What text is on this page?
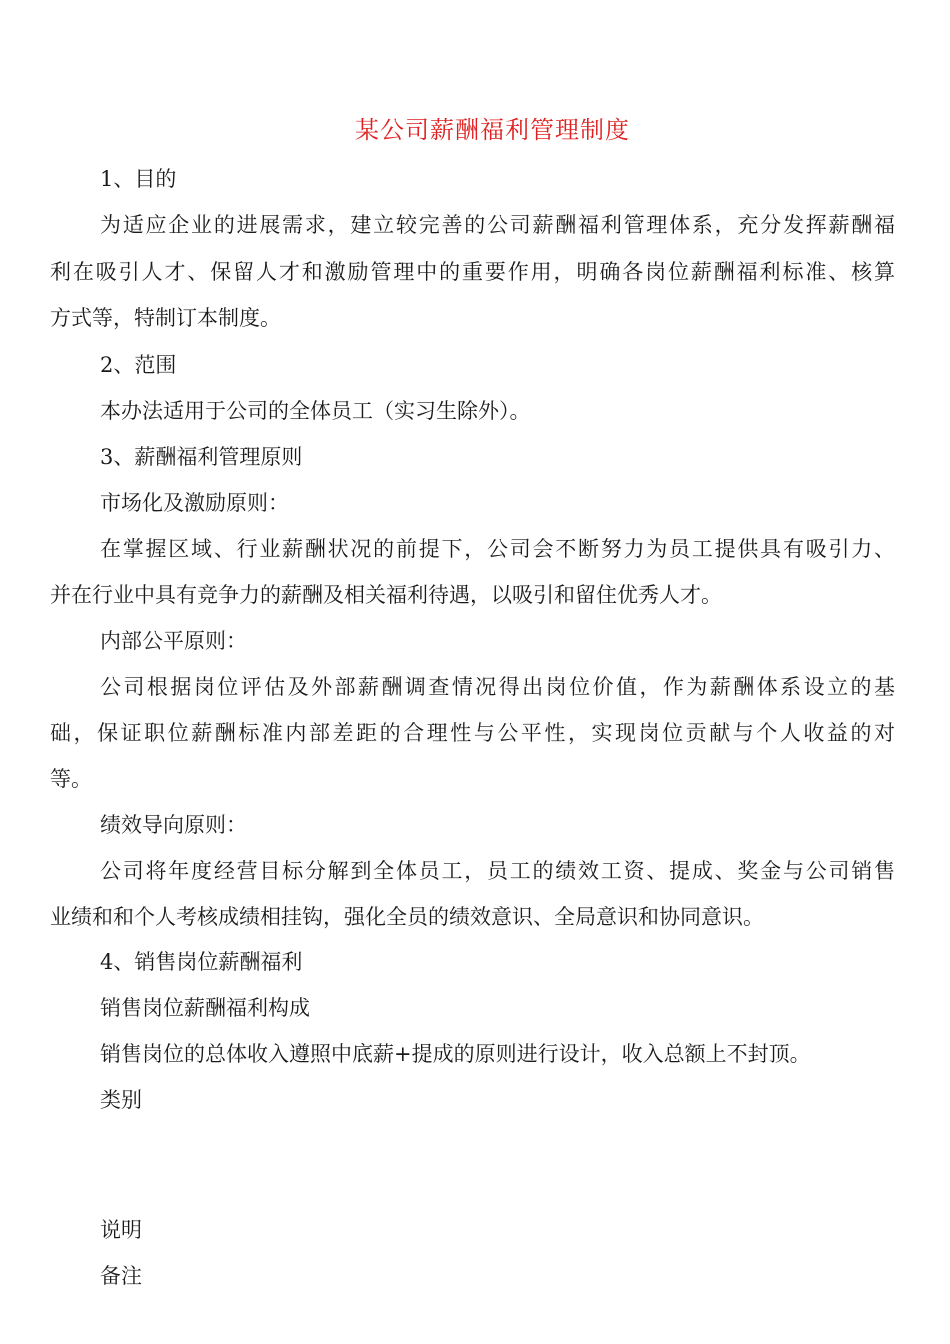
某公司薪酬福利管理制度

1、目的

为适应企业的进展需求，建立较完善的公司薪酬福利管理体系，充分发挥薪酬福

利在吸引人才、保留人才和激励管理中的重要作用，明确各岗位薪酬福利标准、核算

方式等，特制订本制度。

2、范围

本办法适用于公司的全体员工（实习生除外）。

3、薪酬福利管理原则

市场化及激励原则：

在掌握区域、行业薪酬状况的前提下，公司会不断努力为员工提供具有吸引力、

并在行业中具有竞争力的薪酬及相关福利待遇，以吸引和留住优秀人才。

内部公平原则：

公司根据岗位评估及外部薪酬调查情况得出岗位价值，作为薪酬体系设立的基

础，保证职位薪酬标准内部差距的合理性与公平性，实现岗位贡献与个人收益的对

等。

绩效导向原则：

公司将年度经营目标分解到全体员工，员工的绩效工资、提成、奖金与公司销售

业绩和和个人考核成绩相挂钩，强化全员的绩效意识、全局意识和协同意识。

4、销售岗位薪酬福利

销售岗位薪酬福利构成

销售岗位的总体收入遵照中底薪+提成的原则进行设计，收入总额上不封顶。

类别

说明

备注
